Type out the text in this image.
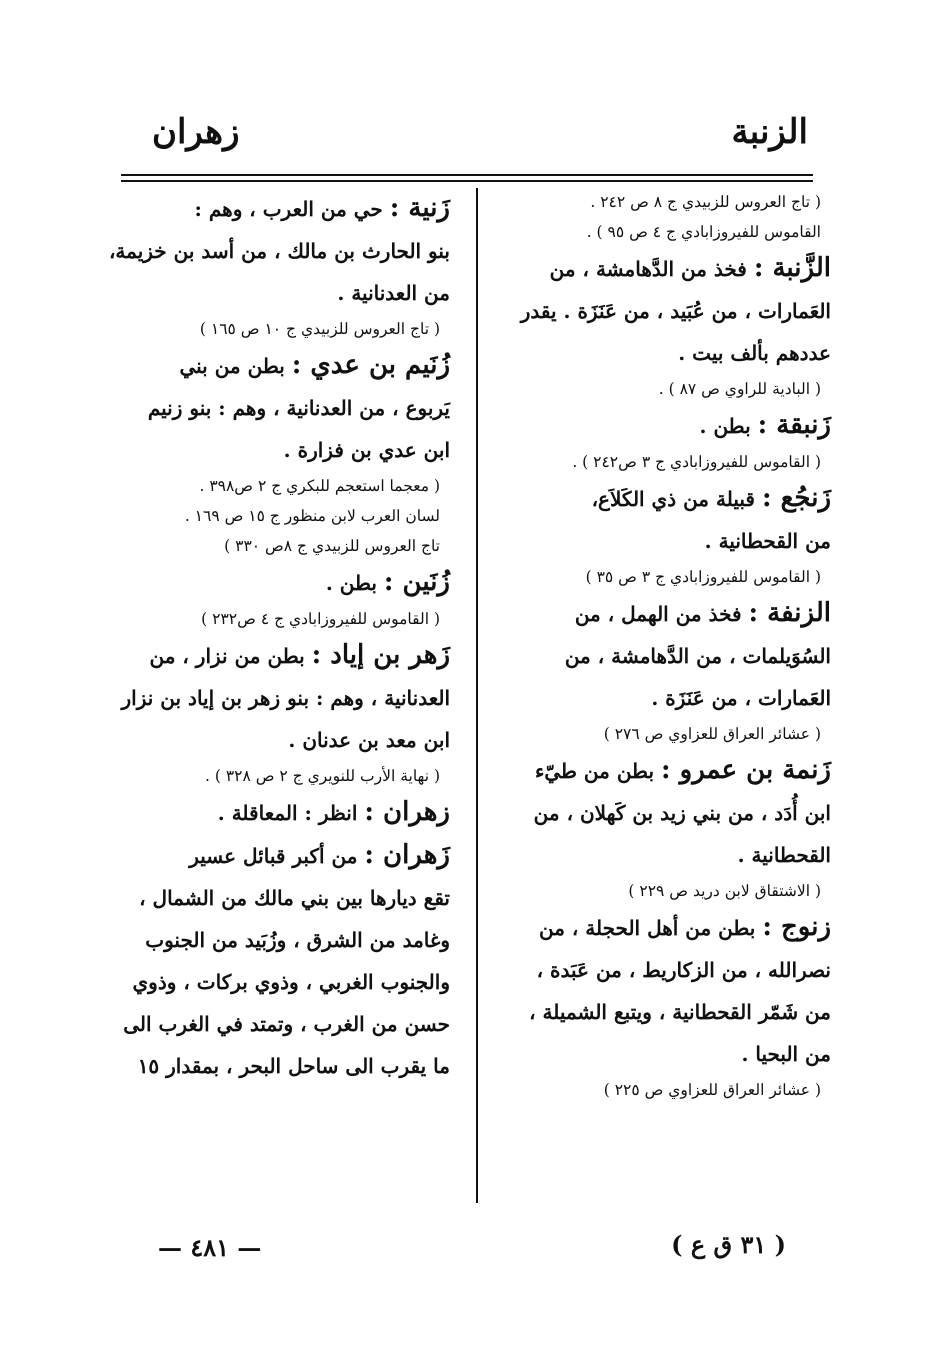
الزنبة
زهران
( تاج العروس للزبيدي ج ٨ ص ٢٤٢ .
القاموس للفيروزابادي ج ٤ ص ٩٥ ) .
الزَّنبة : فخذ من الدَّهامشة ، من
العَمارات ، من عُبَيد ، من عَنَزَة . يقدر
عددهم بألف بيت .
( البادية للراوي ص ٨٧ ) .
زَنبقة : بطن .
( القاموس للفيروزابادي ج ٣ ص٢٤٢ ) .
زَنجُع : قبيلة من ذي الكَلاَع،
من القحطانية .
( القاموس للفيروزابادي ج ٣ ص ٣٥ )
الزنفة : فخذ من الهمل ، من
السُوَيلمات ، من الدَّهامشة ، من
العَمارات ، من عَنَزَة .
( عشائر العراق للعزاوي ص ٢٧٦ )
زَنمة بن عمرو : بطن من طيّء
ابن أُدَد ، من بني زيد بن كَهلان ، من
القحطانية .
( الاشتقاق لابن دريد ص ٢٢٩ )
زنوج : بطن من أهل الحجلة ، من
نصرالله ، من الزكاريط ، من عَبَدة ،
من شَمّر القحطانية ، ويتبع الشميلة ،
من البحيا .
( عشائر العراق للعزاوي ص ٢٢٥ )
زَنية : حي من العرب ، وهم :
بنو الحارث بن مالك ، من أسد بن خزيمة،
من العدنانية .
( تاج العروس للزبيدي ج ١٠ ص ١٦٥ )
زُنَيم بن عدي : بطن من بني
يَربوع ، من العدنانية ، وهم : بنو زنيم
ابن عدي بن فزارة .
( معجما استعجم للبكري ج ٢ ص٣٩٨ .
لسان العرب لابن منظور ج ١٥ ص ١٦٩ .
تاج العروس للزبيدي ج ٨ص ٣٣٠ )
زُنَين : بطن .
( القاموس للفيروزابادي ج ٤ ص٢٣٢ )
زَهر بن إياد : بطن من نزار ، من
العدنانية ، وهم : بنو زهر بن إياد بن نزار
ابن معد بن عدنان .
( نهاية الأرب للنويري ج ٢ ص ٣٢٨ ) .
زهران : انظر : المعاقلة .
زَهران : من أكبر قبائل عسير
تقع ديارها بين بني مالك من الشمال ،
وغامد من الشرق ، وزُبَيد من الجنوب
والجنوب الغربي ، وذوي بركات ، وذوي
حسن من الغرب ، وتمتد في الغرب الى
ما يقرب الى ساحل البحر ، بمقدار ١٥
— ٤٨١ —	( ٣١ ق ع )
